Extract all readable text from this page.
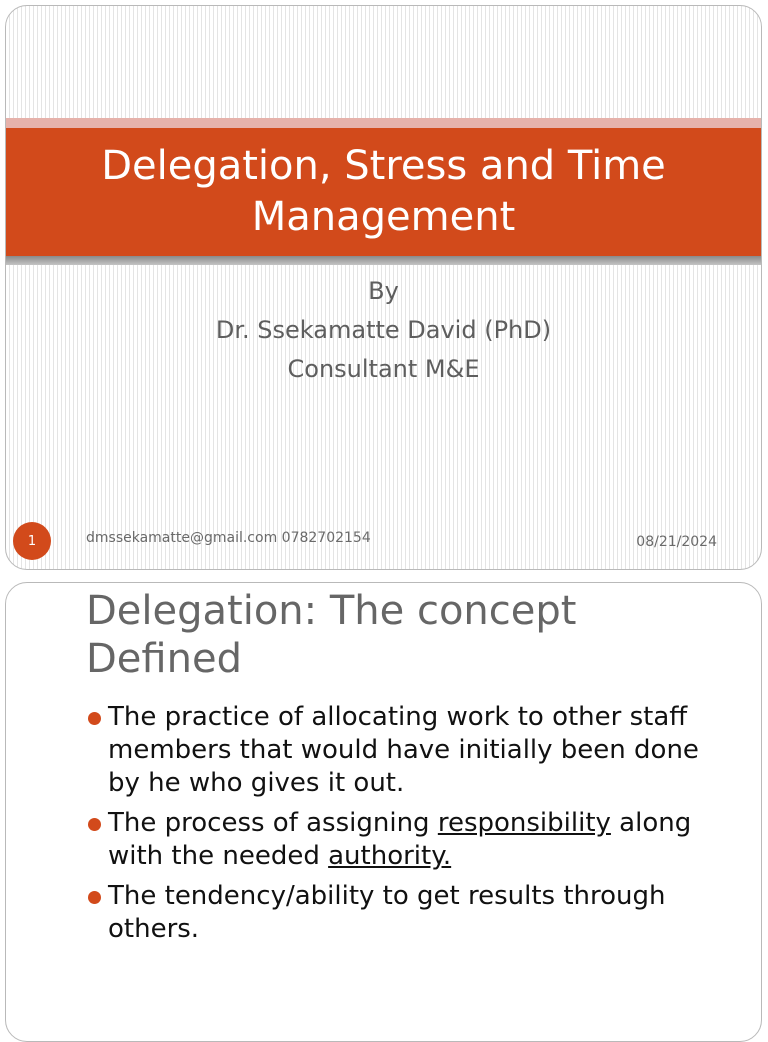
Delegation, Stress and Time
Management
By
Dr. Ssekamatte David (PhD)
Consultant M&E
1	dmssekamatte@gmail.com 0782702154	08/21/2024
Delegation: The concept
Defined
The practice of allocating work to other staff members that would have initially been done by he who gives it out.
The process of assigning responsibility along with the needed authority.
The tendency/ability to get results through others.
